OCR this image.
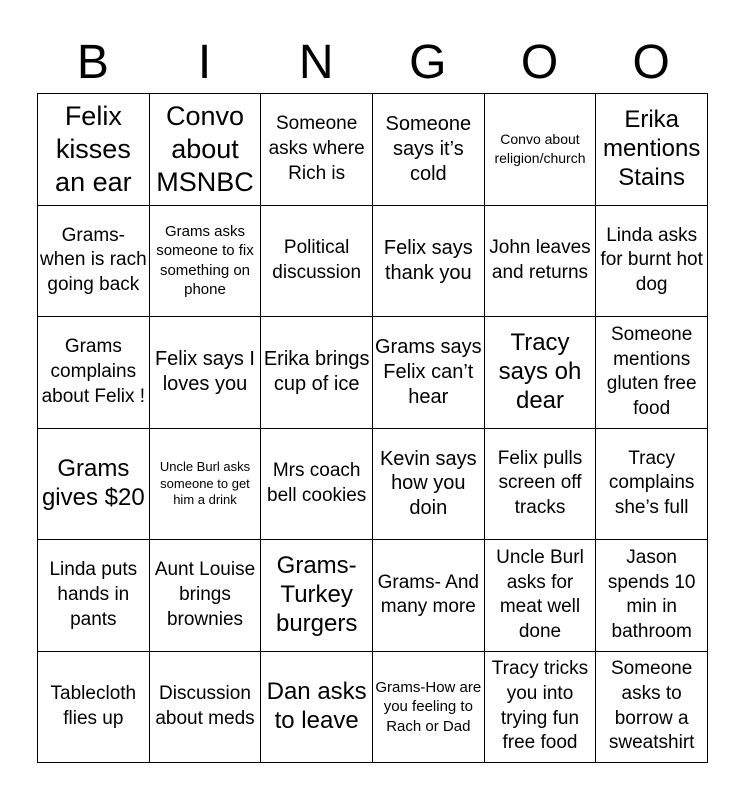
B	I	N	G	O	O
Felix kisses an ear
Convo about MSNBC
Someone asks where Rich is
Someone says it’s cold
Convo about religion/church
Erika mentions Stains
Grams- when is rach going back
Grams asks someone to fix something on phone
Political discussion
Felix says thank you
John leaves and returns
Linda asks for burnt hot dog
Grams complains about Felix !
Felix says I loves you
Erika brings cup of ice
Grams says Felix can’t hear
Tracy says oh dear
Someone mentions gluten free food
Grams gives $20
Uncle Burl asks someone to get him a drink
Mrs coach bell cookies
Kevin says how you doin
Felix pulls screen off tracks
Tracy complains she’s full
Linda puts hands in pants
Aunt Louise brings brownies
Grams- Turkey burgers
Grams- And many more
Uncle Burl asks for meat well done
Jason spends 10 min in bathroom
Tablecloth flies up
Discussion about meds
Dan asks to leave
Grams-How are you feeling to Rach or Dad
Tracy tricks you into trying fun free food
Someone asks to borrow a sweatshirt
